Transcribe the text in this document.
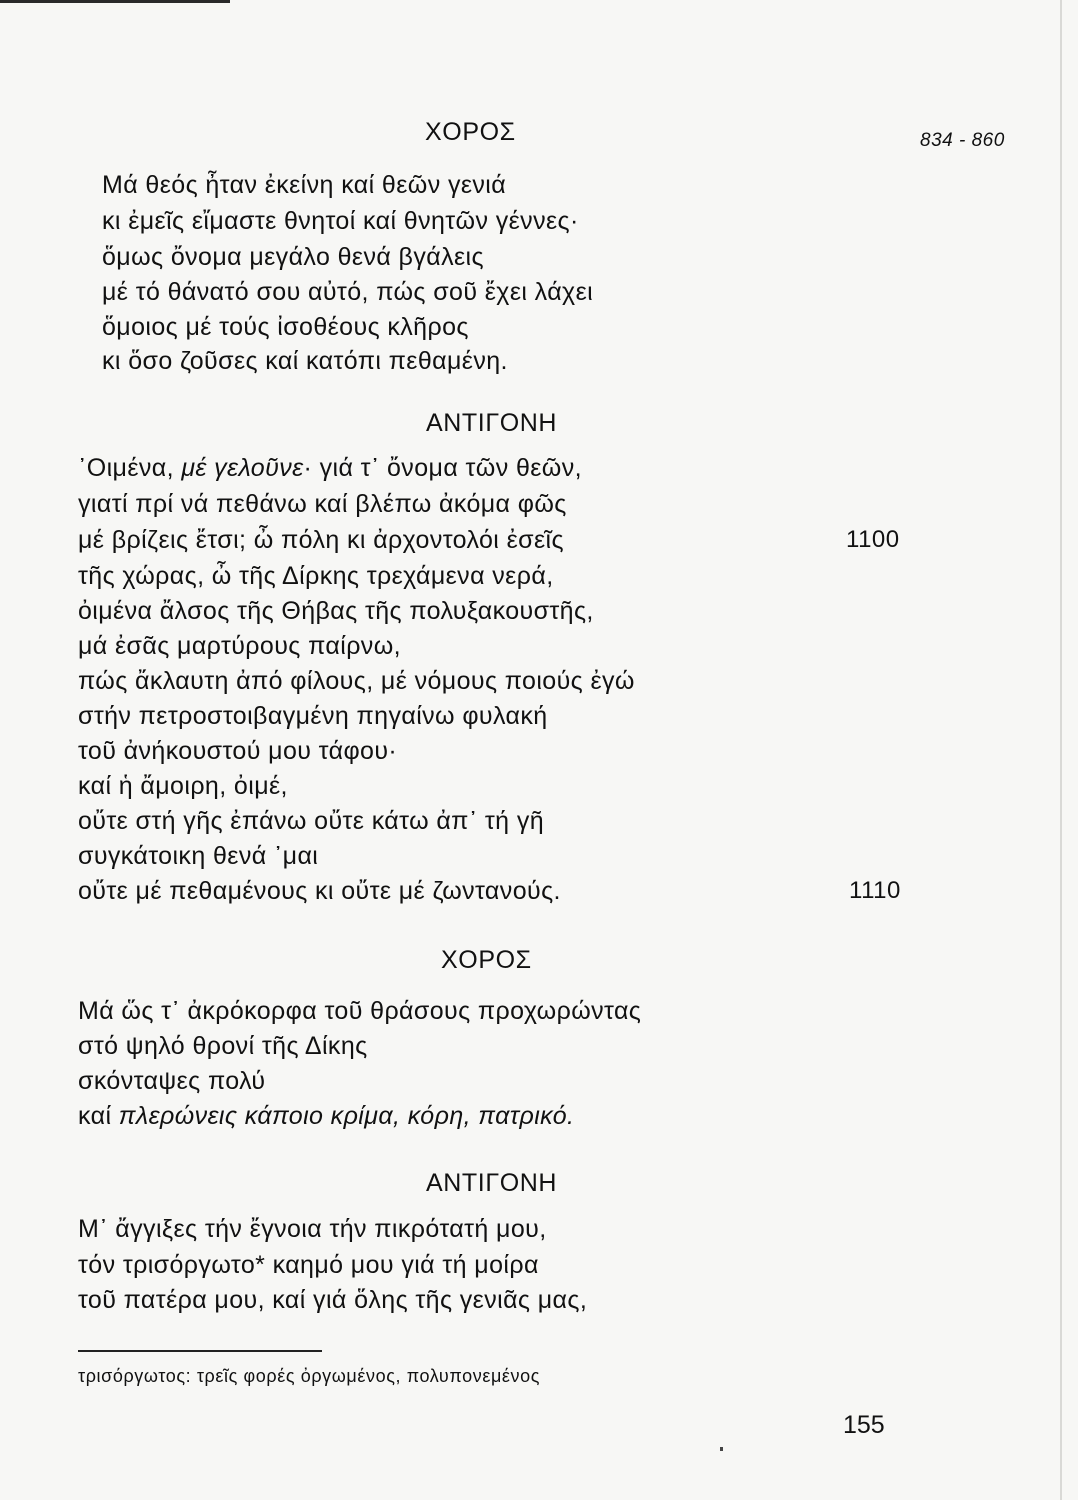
834 - 860
ΧΟΡΟΣ
Μά θεός ἦταν ἐκείνη καί θεῶν γενιά
κι ἐμεῖς εἴμαστε θνητοί καί θνητῶν γέννες·
ὅμως ὄνομα μεγάλο θενά βγάλεις
μέ τό θάνατό σου αὐτό, πώς σοῦ ἔχει λάχει
ὅμοιος μέ τούς ἰσοθέους κλῆρος
κι ὅσο ζοῦσες καί κατόπι πεθαμένη.
ΑΝΤΙΓΟΝΗ
᾿Οιμένα, μέ γελοῦνε· γιά τ᾿ ὄνομα τῶν θεῶν,
γιατί πρί νά πεθάνω καί βλέπω ἀκόμα φῶς
μέ βρίζεις ἔτσι; ὦ πόλη κι ἀρχοντολόι ἐσεῖς	1100
τῆς χώρας, ὦ τῆς Δίρκης τρεχάμενα νερά,
ὀιμένα ἄλσος τῆς Θήβας τῆς πολυξακουστῆς,
μά ἐσᾶς μαρτύρους παίρνω,
πώς ἄκλαυτη ἀπό φίλους, μέ νόμους ποιούς ἐγώ
στήν πετροστοιβαγμένη πηγαίνω φυλακή
τοῦ ἀνήκουστού μου τάφου·
καί ἡ ἄμοιρη, ὀιμέ,
οὔτε στή γῆς ἐπάνω οὔτε κάτω ἀπ᾿ τή γῆ
συγκάτοικη θενά ᾿μαι
οὔτε μέ πεθαμένους κι οὔτε μέ ζωντανούς.	1110
ΧΟΡΟΣ
Μά ὥς τ᾿ ἀκρόκορφα τοῦ θράσους προχωρώντας
στό ψηλό θρονί τῆς Δίκης
σκόνταψες πολύ
καί πλερώνεις κάποιο κρίμα, κόρη, πατρικό.
ΑΝΤΙΓΟΝΗ
Μ᾿ ἄγγιξες τήν ἔγνοια τήν πικρότατή μου,
τόν τρισόργωτο* καημό μου γιά τή μοίρα
τοῦ πατέρα μου, καί γιά ὅλης τῆς γενιᾶς μας,
τρισόργωτος: τρεῖς φορές ὀργωμένος, πολυπονεμένος
155
